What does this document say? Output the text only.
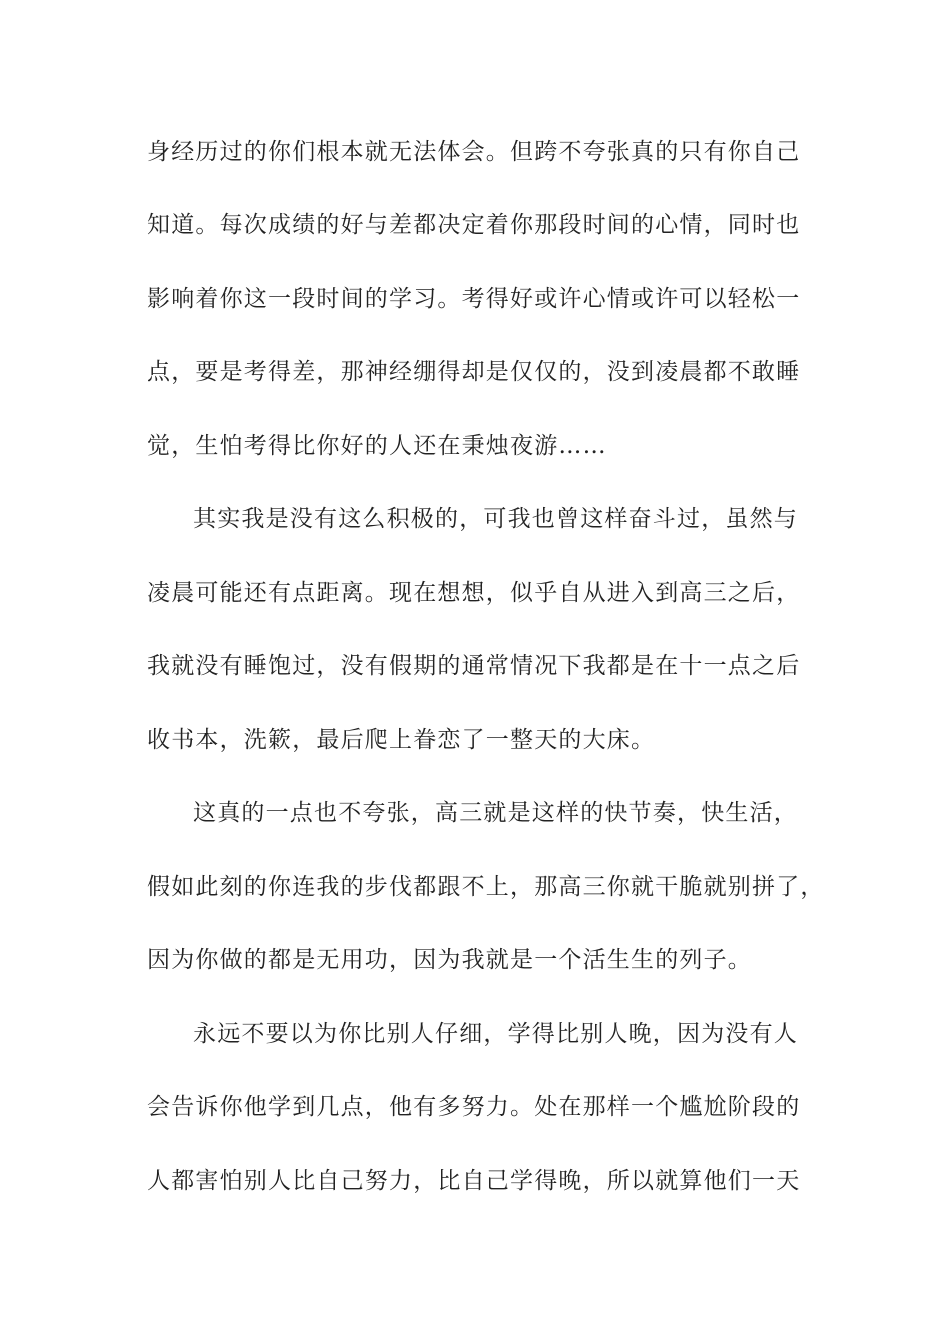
身经历过的你们根本就无法体会。但跨不夸张真的只有你自己
知道。每次成绩的好与差都决定着你那段时间的心情，同时也
影响着你这一段时间的学习。考得好或许心情或许可以轻松一
点，要是考得差，那神经绷得却是仅仅的，没到凌晨都不敢睡
觉，生怕考得比你好的人还在秉烛夜游……
其实我是没有这么积极的，可我也曾这样奋斗过，虽然与
凌晨可能还有点距离。现在想想，似乎自从进入到高三之后，
我就没有睡饱过，没有假期的通常情况下我都是在十一点之后
收书本，洗簌，最后爬上眷恋了一整天的大床。
这真的一点也不夸张，高三就是这样的快节奏，快生活，
假如此刻的你连我的步伐都跟不上，那高三你就干脆就别拼了，
因为你做的都是无用功，因为我就是一个活生生的列子。
永远不要以为你比别人仔细，学得比别人晚，因为没有人
会告诉你他学到几点，他有多努力。处在那样一个尴尬阶段的
人都害怕别人比自己努力，比自己学得晚，所以就算他们一天
